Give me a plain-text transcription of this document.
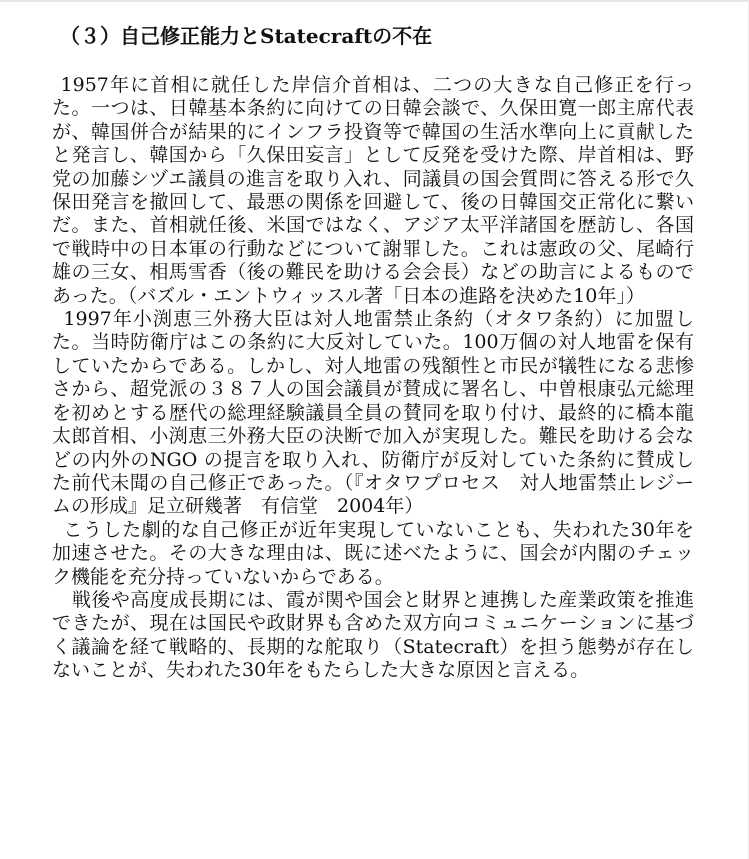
（３）自己修正能力とStatecraftの不在

1957年に首相に就任した岸信介首相は、二つの大きな自己修正を行った。一つは、日韓基本条約に向けての日韓会談で、久保田寛一郎主席代表が、韓国併合が結果的にインフラ投資等で韓国の生活水準向上に貢献したと発言し、韓国から「久保田妄言」として反発を受けた際、岸首相は、野党の加藤シヅエ議員の進言を取り入れ、同議員の国会質問に答える形で久保田発言を撤回して、最悪の関係を回避して、後の日韓国交正常化に繋いだ。また、首相就任後、米国ではなく、アジア太平洋諸国を歴訪し、各国で戦時中の日本軍の行動などについて謝罪した。これは憲政の父、尾崎行雄の三女、相馬雪香（後の難民を助ける会会長）などの助言によるものであった。（バズル・エントウィッスル著「日本の進路を決めた10年」）

1997年小渕恵三外務大臣は対人地雷禁止条約（オタワ条約）に加盟した。当時防衛庁はこの条約に大反対していた。100万個の対人地雷を保有していたからである。しかし、対人地雷の残額性と市民が犠牲になる悲惨さから、超党派の３８７人の国会議員が賛成に署名し、中曽根康弘元総理を初めとする歴代の総理経験議員全員の賛同を取り付け、最終的に橋本龍太郎首相、小渕恵三外務大臣の決断で加入が実現した。難民を助ける会などの内外のNGO の提言を取り入れ、防衛庁が反対していた条約に賛成した前代未聞の自己修正であった。（『オタワプロセス　対人地雷禁止レジームの形成』足立研幾著　有信堂　2004年）

こうした劇的な自己修正が近年実現していないことも、失われた30年を加速させた。その大きな理由は、既に述べたように、国会が内閣のチェック機能を充分持っていないからである。

戦後や高度成長期には、霞が関や国会と財界と連携した産業政策を推進できたが、現在は国民や政財界も含めた双方向コミュニケーションに基づく議論を経て戦略的、長期的な舵取り（Statecraft）を担う態勢が存在しないことが、失われた30年をもたらした大きな原因と言える。
